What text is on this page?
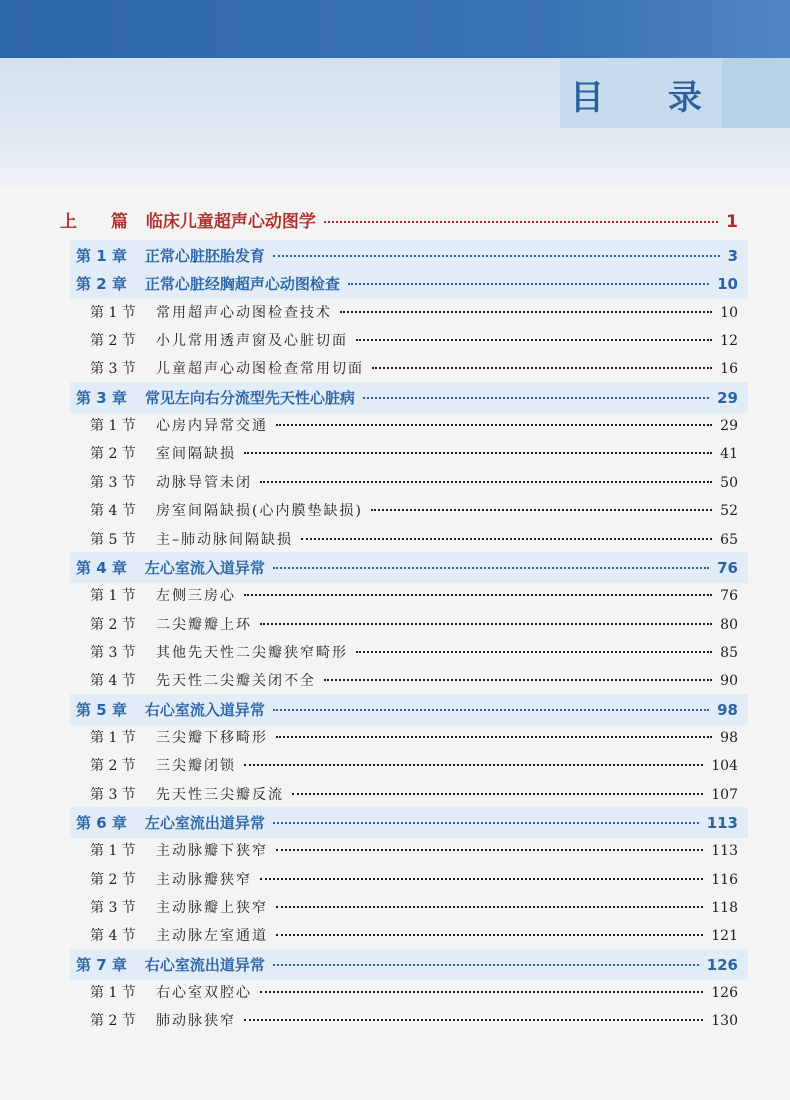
目 录
上 篇 临床儿童超声心动图学	1
第 1 章 正常心脏胚胎发育	3
第 2 章 正常心脏经胸超声心动图检查	10
第 1 节 常用超声心动图检查技术	10
第 2 节 小儿常用透声窗及心脏切面	12
第 3 节 儿童超声心动图检查常用切面	16
第 3 章 常见左向右分流型先天性心脏病	29
第 1 节 心房内异常交通	29
第 2 节 室间隔缺损	41
第 3 节 动脉导管未闭	50
第 4 节 房室间隔缺损(心内膜垫缺损)	52
第 5 节 主–肺动脉间隔缺损	65
第 4 章 左心室流入道异常	76
第 1 节 左侧三房心	76
第 2 节 二尖瓣瓣上环	80
第 3 节 其他先天性二尖瓣狭窄畸形	85
第 4 节 先天性二尖瓣关闭不全	90
第 5 章 右心室流入道异常	98
第 1 节 三尖瓣下移畸形	98
第 2 节 三尖瓣闭锁	104
第 3 节 先天性三尖瓣反流	107
第 6 章 左心室流出道异常	113
第 1 节 主动脉瓣下狭窄	113
第 2 节 主动脉瓣狭窄	116
第 3 节 主动脉瓣上狭窄	118
第 4 节 主动脉左室通道	121
第 7 章 右心室流出道异常	126
第 1 节 右心室双腔心	126
第 2 节 肺动脉狭窄	130
